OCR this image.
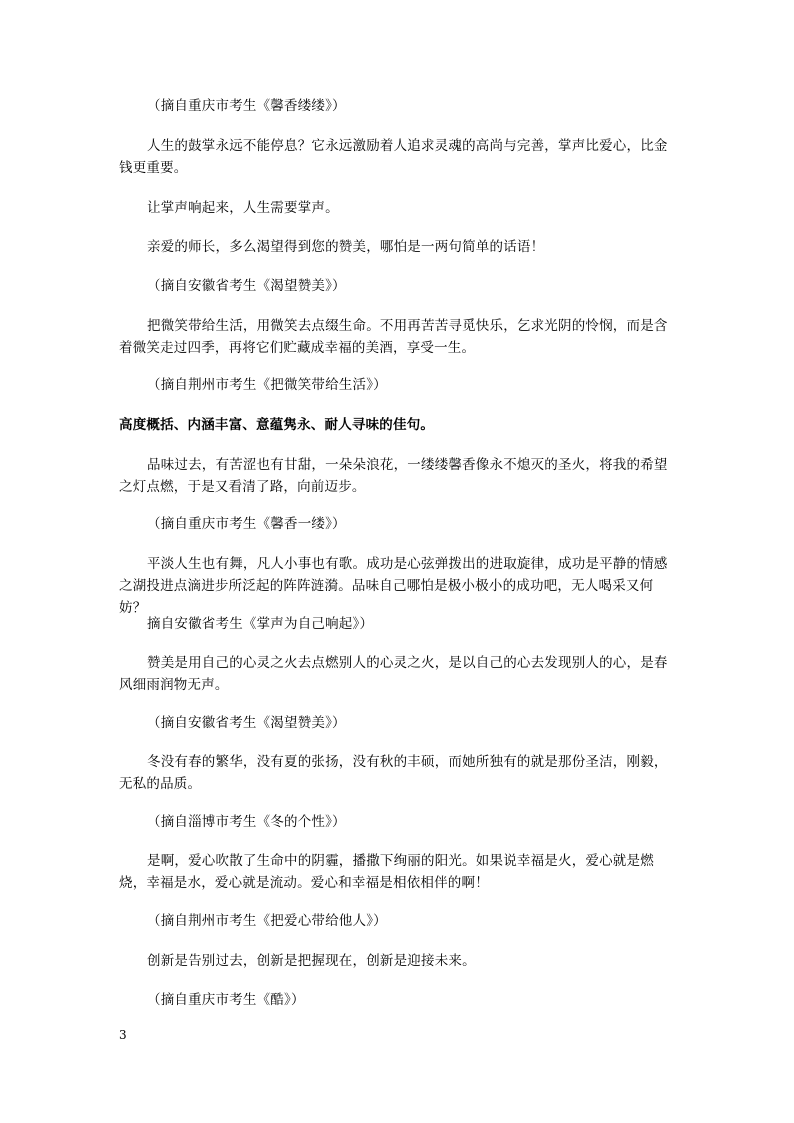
（摘自重庆市考生《馨香缕缕》）

人生的鼓掌永远不能停息？它永远激励着人追求灵魂的高尚与完善，掌声比爱心，比金钱更重要。

让掌声响起来，人生需要掌声。

亲爱的师长，多么渴望得到您的赞美，哪怕是一两句简单的话语！

（摘自安徽省考生《渴望赞美》）

把微笑带给生活，用微笑去点缀生命。不用再苦苦寻觅快乐，乞求光阴的怜悯，而是含着微笑走过四季，再将它们贮藏成幸福的美酒，享受一生。

（摘自荆州市考生《把微笑带给生活》）

高度概括、内涵丰富、意蕴隽永、耐人寻味的佳句。

品味过去，有苦涩也有甘甜，一朵朵浪花，一缕缕馨香像永不熄灭的圣火，将我的希望之灯点燃，于是又看清了路，向前迈步。

（摘自重庆市考生《馨香一缕》）

平淡人生也有舞，凡人小事也有歌。成功是心弦弹拨出的进取旋律，成功是平静的情感之湖投进点滴进步所泛起的阵阵涟漪。品味自己哪怕是极小极小的成功吧，无人喝采又何妨？

摘自安徽省考生《掌声为自己响起》）

赞美是用自己的心灵之火去点燃别人的心灵之火，是以自己的心去发现别人的心，是春风细雨润物无声。

（摘自安徽省考生《渴望赞美》）

冬没有春的繁华，没有夏的张扬，没有秋的丰硕，而她所独有的就是那份圣洁，刚毅，无私的品质。

（摘自淄博市考生《冬的个性》）

是啊，爱心吹散了生命中的阴霾，播撒下绚丽的阳光。如果说幸福是火，爱心就是燃烧，幸福是水，爱心就是流动。爱心和幸福是相依相伴的啊！

（摘自荆州市考生《把爱心带给他人》）

创新是告别过去，创新是把握现在，创新是迎接未来。

（摘自重庆市考生《酷》）

3
